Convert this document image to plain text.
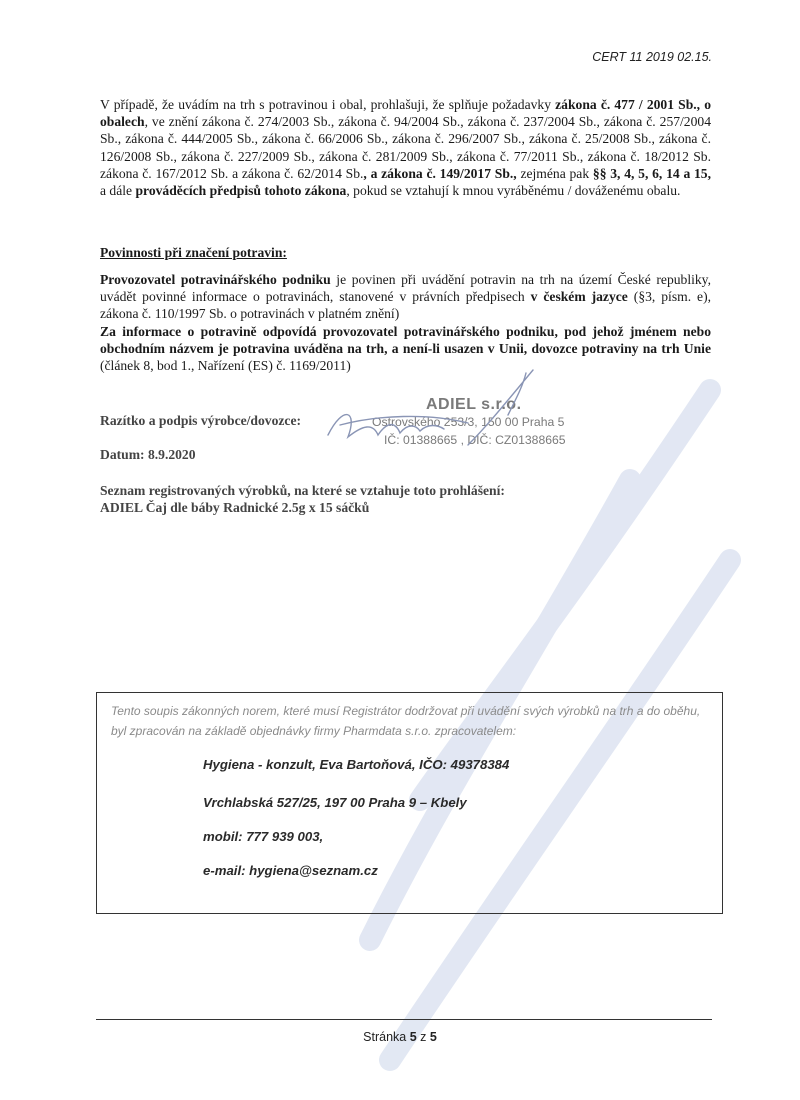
CERT 11 2019 02.15.
V případě, že uvádím na trh s potravinou i obal, prohlašuji, že splňuje požadavky zákona č. 477 / 2001 Sb., o obalech, ve znění zákona č. 274/2003 Sb., zákona č. 94/2004 Sb., zákona č. 237/2004 Sb., zákona č. 257/2004 Sb., zákona č. 444/2005 Sb., zákona č. 66/2006 Sb., zákona č. 296/2007 Sb., zákona č. 25/2008 Sb., zákona č. 126/2008 Sb., zákona č. 227/2009 Sb., zákona č. 281/2009 Sb., zákona č. 77/2011 Sb., zákona č. 18/2012 Sb. zákona č. 167/2012 Sb. a zákona č. 62/2014 Sb., a zákona č. 149/2017 Sb., zejména pak §§ 3, 4, 5, 6, 14 a 15, a dále prováděcích předpisů tohoto zákona, pokud se vztahují k mnou vyráběnému / dováženému obalu.
Povinnosti při značení potravin:
Provozovatel potravinářského podniku je povinen při uvádění potravin na trh na území České republiky, uvádět povinné informace o potravinách, stanovené v právních předpisech v českém jazyce (§3, písm. e), zákona č. 110/1997 Sb. o potravinách v platném znění)
Za informace o potravině odpovídá provozovatel potravinářského podniku, pod jehož jménem nebo obchodním názvem je potravina uváděna na trh, a není-li usazen v Unii, dovozce potraviny na trh Unie (článek 8, bod 1., Nařízení (ES) č. 1169/2011)
Razítko a podpis výrobce/dovozce:
Datum: 8.9.2020
ADIEL s.r.o.
Ostrovského 253/3, 150 00 Praha 5
IČ: 01388665 , DIČ: CZ01388665
Seznam registrovaných výrobků, na které se vztahuje toto prohlášení:
ADIEL Čaj dle báby Radnické 2.5g x 15 sáčků
Tento soupis zákonných norem, které musí Registrátor dodržovat při uvádění svých výrobků na trh a do oběhu, byl zpracován na základě objednávky firmy Pharmdata s.r.o. zpracovatelem:
Hygiena - konzult, Eva Bartoňová, IČO: 49378384
Vrchlabská 527/25, 197 00 Praha 9 – Kbely
mobil: 777 939 003,
e-mail: hygiena@seznam.cz
Stránka 5 z 5
